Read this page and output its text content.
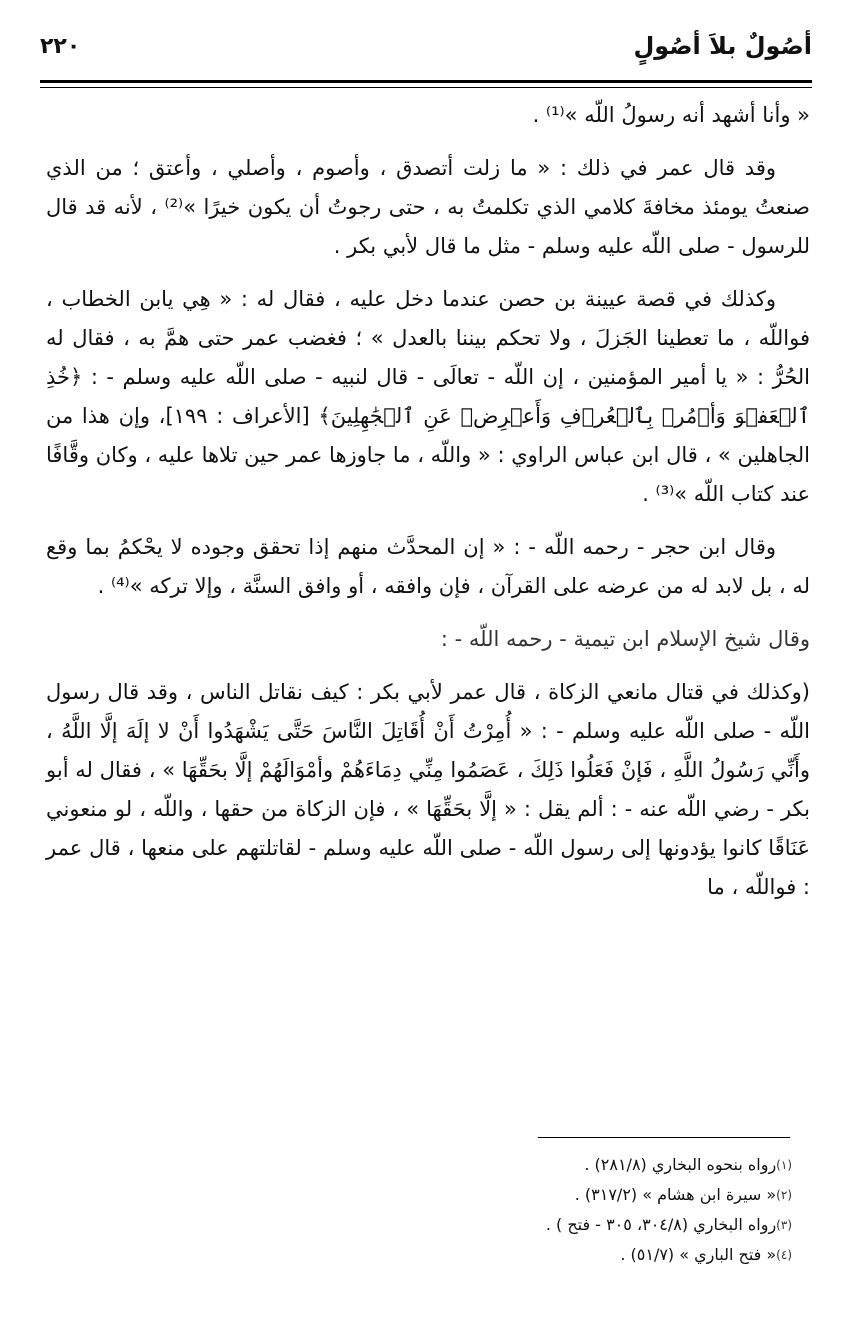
٢٢٠	أصُولٌ بلاَ أصُولٍ

« وأنا أشهد أنه رسولُ اللّه »⁽¹⁾ .

وقد قال عمر في ذلك : « ما زلت أتصدق ، وأصوم ، وأصلي ، وأعتق ؛ من الذي صنعتُ يومئذ مخافةَ كلامي الذي تكلمتُ به ، حتى رجوتُ أن يكون خيرًا »⁽²⁾ ، لأنه قد قال للرسول - صلى اللّه عليه وسلم - مثل ما قال لأبي بكر .

وكذلك في قصة عيينة بن حصن عندما دخل عليه ، فقال له : « هِي يابن الخطاب ، فواللّه ، ما تعطينا الجَزلَ ، ولا تحكم بيننا بالعدل » ؛ فغضب عمر حتى همَّ به ، فقال له الحُرُّ : « يا أمير المؤمنين ، إن اللّه - تعالَى - قال لنبيه - صلى اللّه عليه وسلم - : ﴿خُذِ ٱلۡعَفۡوَ وَأۡمُرۡ بِٱلۡعُرۡفِ وَأَعۡرِضۡ عَنِ ٱلۡجَٰهِلِينَ﴾ [الأعراف : ١٩٩]، وإن هذا من الجاهلين » ، قال ابن عباس الراوي : « واللّه ، ما جاوزها عمر حين تلاها عليه ، وكان وقَّافًا عند كتاب اللّه »⁽³⁾ .

وقال ابن حجر - رحمه اللّه - : « إن المحدَّث منهم إذا تحقق وجوده لا يحْكمُ بما وقع له ، بل لابد له من عرضه على القرآن ، فإن وافقه ، أو وافق السنَّة ، وإلا تركه »⁽⁴⁾ .

وقال شيخ الإسلام ابن تيمية - رحمه اللّه - :

(وكذلك في قتال مانعي الزكاة ، قال عمر لأبي بكر : كيف نقاتل الناس ، وقد قال رسول اللّه - صلى اللّه عليه وسلم - : « أُمِرْتُ أَنْ أُقَاتِلَ النَّاسَ حَتَّى يَشْهَدُوا أَنْ لا إلَهَ إلَّا اللَّهُ ، وأَنِّي رَسُولُ اللَّهِ ، فَإنْ فَعَلُوا ذَلِكَ ، عَصَمُوا مِنِّي دِمَاءَهُمْ وأمْوَالَهُمْ إلَّا بحَقِّهَا » ، فقال له أبو بكر - رضي اللّه عنه - : ألم يقل : « إلَّا بحَقِّهَا » ، فإن الزكاة من حقها ، واللّه ، لو منعوني عَنَاقًا كانوا يؤدونها إلى رسول اللّه - صلى اللّه عليه وسلم - لقاتلتهم على منعها ، قال عمر : فواللّه ، ما

$^{(١)}$رواه بنحوه البخاري (٢٨١/٨) .
$^{(٢)}$« سيرة ابن هشام » (٣١٧/٢) .
$^{(٣)}$رواه البخاري (٣٠٤/٨، ٣٠٥ - فتح ) .
$^{(٤)}$« فتح الباري » (٥١/٧) .
